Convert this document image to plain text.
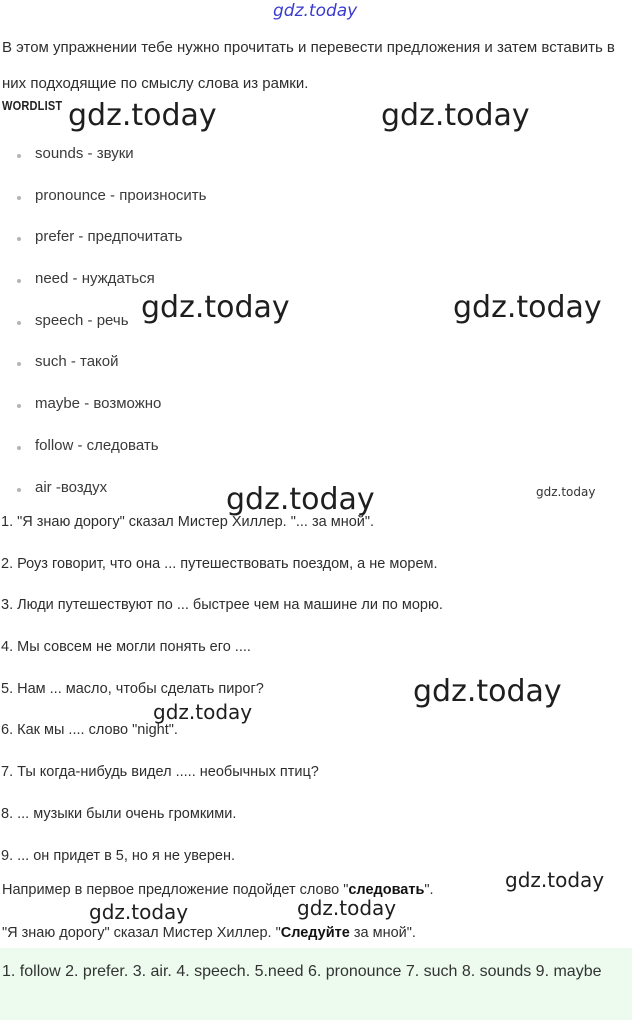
gdz.today
gdz.today	gdz.today
gdz.today	gdz.today
gdz.today	gdz.today
gdz.today
gdz.today
gdz.today
gdz.today	gdz.today
В этом упражнении тебе нужно прочитать и перевести предложения и затем вставить в них подходящие по смыслу слова из рамки.
WORDLIST
sounds - звуки
pronounce - произносить
prefer - предпочитать
need - нуждаться
speech - речь
such - такой
maybe - возможно
follow - следовать
air -воздух
1. "Я знаю дорогу" сказал Мистер Хиллер. "... за мной".
2. Роуз говорит, что она ... путешествовать поездом, а не морем.
3. Люди путешествуют по ... быстрее чем на машине ли по морю.
4. Мы совсем не могли понять его ....
5. Нам ... масло, чтобы сделать пирог?
6. Как мы .... слово "night".
7. Ты когда-нибудь видел ..... необычных птиц?
8. ... музыки были очень громкими.
9. ... он придет в 5, но я не уверен.
Например в первое предложение подойдет слово "следовать".
"Я знаю дорогу" сказал Мистер Хиллер. "Следуйте за мной".
1. follow 2. prefer. 3. air. 4. speech. 5.need 6. pronounce 7. such 8. sounds 9. maybe
